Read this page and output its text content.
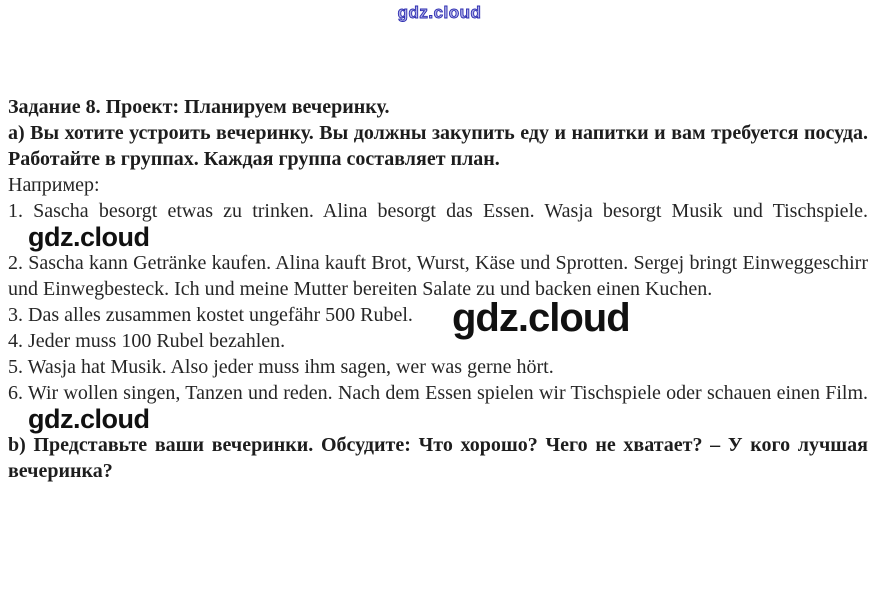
gdz.cloud

Задание 8. Проект: Планируем вечеринку.

а) Вы хотите устроить вечеринку. Вы должны закупить еду и напитки и вам требуется посуда. Работайте в группах. Каждая группа составляет план.

Например:

1. Sascha besorgt etwas zu trinken. Alina besorgt das Essen. Wasja besorgt Musik und Tischspiele.gdz.cloud

2. Sascha kann Getränke kaufen. Alina kauft Brot, Wurst, Käse und Sprotten. Sergej bringt Einweggeschirr und Einwegbesteck. Ich und meine Mutter bereiten Salate zu und backen einen Kuchen.

3. Das alles zusammen kostet ungefähr 500 Rubel.

4. Jeder muss 100 Rubel bezahlen.

5. Wasja hat Musik. Also jeder muss ihm sagen, wer was gerne hört.

6. Wir wollen singen, Tanzen und reden. Nach dem Essen spielen wir Tischspiele oder schauen einen Film.gdz.cloud

b) Представьте ваши вечеринки. Обсудите: Что хорошо? Чего не хватает? – У кого лучшая вечеринка?

gdz.cloud
